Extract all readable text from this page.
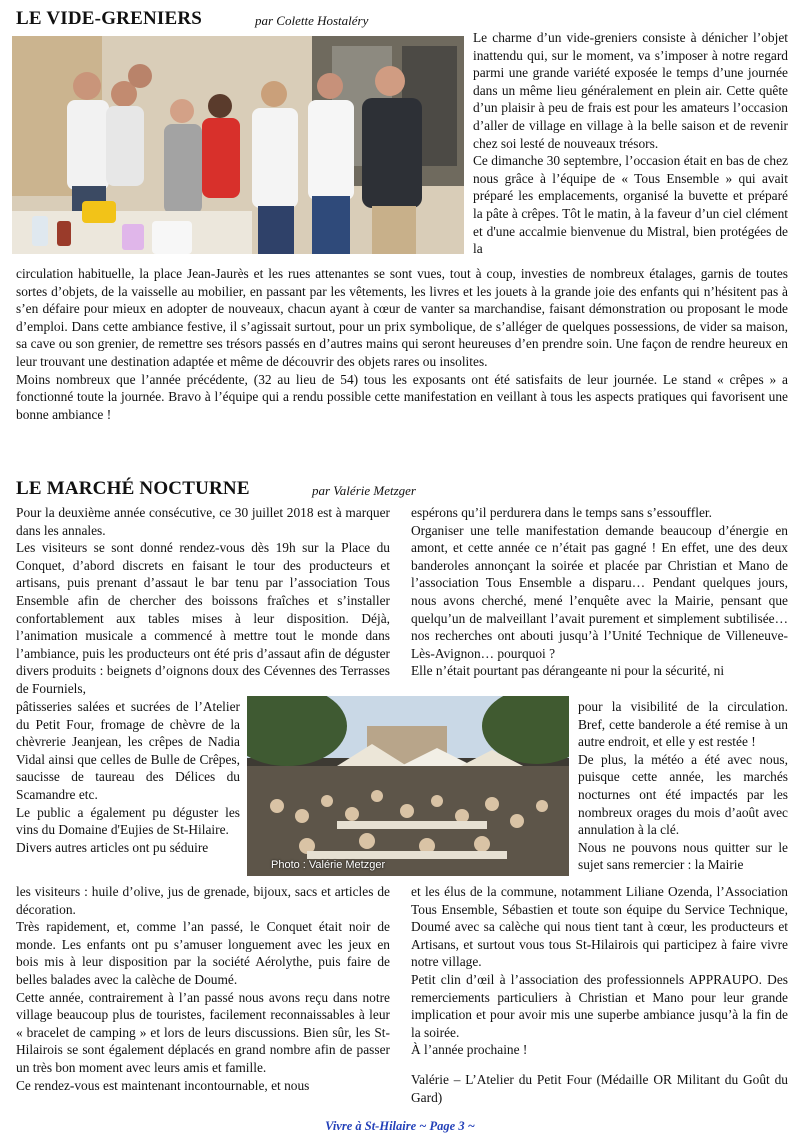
LE VIDE-GRENIERS	par Colette Hostaléry

Le charme d’un vide-greniers consiste à dénicher l’objet inattendu qui, sur le moment, va s’imposer à notre regard parmi une grande variété exposée le temps d’une journée dans un même lieu généralement en plein air. Cette quête d’un plaisir à peu de frais est pour les amateurs l’occasion d’aller de village en village à la belle saison et de revenir chez soi lesté de nouveaux trésors.

Ce dimanche 30 septembre, l’occasion était en bas de chez nous grâce à l’équipe de « Tous Ensemble » qui avait préparé les emplacements, organisé la buvette et préparé la pâte à crêpes. Tôt le matin, à la faveur d’un ciel clément et d'une accalmie bienvenue du Mistral, bien protégées de la

circulation habituelle, la place Jean-Jaurès et les rues attenantes se sont vues, tout à coup, investies de nombreux étalages, garnis de toutes sortes d’objets, de la vaisselle au mobilier, en passant par les vêtements, les livres et les jouets à la grande joie des enfants qui n’hésitent pas à s’en défaire pour mieux en adopter de nouveaux, chacun ayant à cœur de vanter sa marchandise, faisant démonstration ou proposant le mode d’emploi. Dans cette ambiance festive, il s’agissait surtout, pour un prix symbolique, de s’alléger de quelques possessions, de vider sa maison, sa cave ou son grenier, de remettre ses trésors passés en d’autres mains qui seront heureuses d’en prendre soin. Une façon de rendre heureux en leur trouvant une destination adaptée et même de découvrir des objets rares ou insolites.

Moins nombreux que l’année précédente, (32 au lieu de 54) tous les exposants ont été satisfaits de leur journée. Le stand « crêpes » a fonctionné toute la journée. Bravo à l’équipe qui a rendu possible cette manifestation en veillant à tous les aspects pratiques qui favorisent une bonne ambiance !

LE MARCHÉ NOCTURNE	par Valérie Metzger

Pour la deuxième année consécutive, ce 30 juillet 2018 est à marquer dans les annales.

Les visiteurs se sont donné rendez-vous dès 19h sur la Place du Conquet, d’abord discrets en faisant le tour des producteurs et artisans, puis prenant d’assaut le bar tenu par l’association Tous Ensemble afin de chercher des boissons fraîches et s’installer confortablement aux tables mises à leur disposition. Déjà, l’animation musicale a commencé à mettre tout le monde dans l’ambiance, puis les producteurs ont été pris d’assaut afin de déguster divers produits : beignets d’oignons doux des Cévennes des Terrasses de Fourniels,

pâtisseries salées et sucrées de l’Atelier du Petit Four, fromage de chèvre de la chèvrerie Jeanjean, les crêpes de Nadia Vidal ainsi que celles de Bulle de Crêpes, saucisse de taureau des Délices du Scamandre etc.

Le public a également pu déguster les vins du Domaine d'Eujies de St-Hilaire.

Divers autres articles ont pu séduire

les visiteurs : huile d’olive, jus de grenade, bijoux, sacs et articles de décoration.

Très rapidement, et, comme l’an passé, le Conquet était noir de monde. Les enfants ont pu s’amuser longuement avec les jeux en bois mis à leur disposition par la société Aérolythe, puis faire de belles balades avec la calèche de Doumé.

Cette année, contrairement à l’an passé nous avons reçu dans notre village beaucoup plus de touristes, facilement reconnaissables à leur « bracelet de camping » et lors de leurs discussions. Bien sûr, les St-Hilairois se sont également déplacés en grand nombre afin de passer un très bon moment avec leurs amis et famille.

Ce rendez-vous est maintenant incontournable, et nous

Photo : Valérie Metzger

espérons qu’il perdurera dans le temps sans s’essouffler.

Organiser une telle manifestation demande beaucoup d’énergie en amont, et cette année ce n’était pas gagné ! En effet, une des deux banderoles annonçant la soirée et placée par Christian et Mano de l’association Tous Ensemble a disparu… Pendant quelques jours, nous avons cherché, mené l’enquête avec la Mairie, pensant que quelqu’un de malveillant l’avait purement et simplement subtilisée… nos recherches ont abouti jusqu’à l’Unité Technique de Villeneuve-Lès-Avignon… pourquoi ?

Elle n’était pourtant pas dérangeante ni pour la sécurité, ni

pour la visibilité de la circulation. Bref, cette banderole a été remise à un autre endroit, et elle y est restée !

De plus, la météo a été avec nous, puisque cette année, les marchés nocturnes ont été impactés par les nombreux orages du mois d’août avec annulation à la clé.

Nous ne pouvons nous quitter sur le sujet sans remercier : la Mairie

et les élus de la commune, notamment Liliane Ozenda, l’Association Tous Ensemble, Sébastien et toute son équipe du Service Technique, Doumé avec sa calèche qui nous tient tant à cœur, les producteurs et Artisans, et surtout vous tous St-Hilairois qui participez à faire vivre notre village.

Petit clin d’œil à l’association des professionnels APPRAUPO. Des remerciements particuliers à Christian et Mano pour leur grande implication et pour avoir mis une superbe ambiance jusqu’à la fin de la soirée.

À l’année prochaine !

Valérie – L’Atelier du Petit Four (Médaille OR Militant du Goût du Gard)
Vivre à St-Hilaire ~ Page 3 ~
